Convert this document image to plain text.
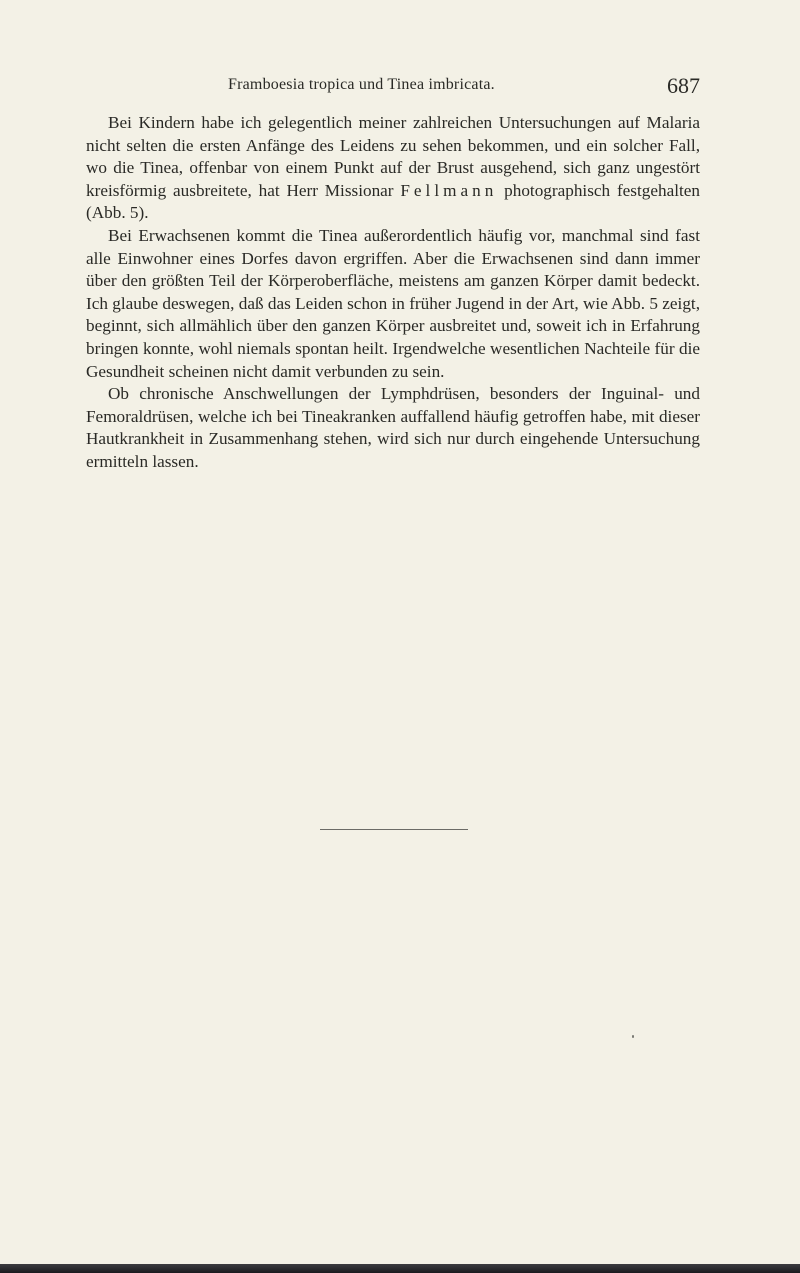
Framboesia tropica und Tinea imbricata.	687

Bei Kindern habe ich gelegentlich meiner zahlreichen Untersuchungen auf Malaria nicht selten die ersten Anfänge des Leidens zu sehen bekommen, und ein solcher Fall, wo die Tinea, offenbar von einem Punkt auf der Brust ausgehend, sich ganz ungestört kreisförmig ausbreitete, hat Herr Missionar Fellmann photographisch festgehalten (Abb. 5).

Bei Erwachsenen kommt die Tinea außerordentlich häufig vor, manchmal sind fast alle Einwohner eines Dorfes davon ergriffen. Aber die Erwachsenen sind dann immer über den größten Teil der Körperoberfläche, meistens am ganzen Körper damit bedeckt. Ich glaube deswegen, daß das Leiden schon in früher Jugend in der Art, wie Abb. 5 zeigt, beginnt, sich allmählich über den ganzen Körper ausbreitet und, soweit ich in Erfahrung bringen konnte, wohl niemals spontan heilt. Irgendwelche wesentlichen Nachteile für die Gesundheit scheinen nicht damit verbunden zu sein.

Ob chronische Anschwellungen der Lymphdrüsen, besonders der Inguinal- und Femoraldrüsen, welche ich bei Tineakranken auffallend häufig getroffen habe, mit dieser Hautkrankheit in Zusammenhang stehen, wird sich nur durch eingehende Untersuchung ermitteln lassen.
